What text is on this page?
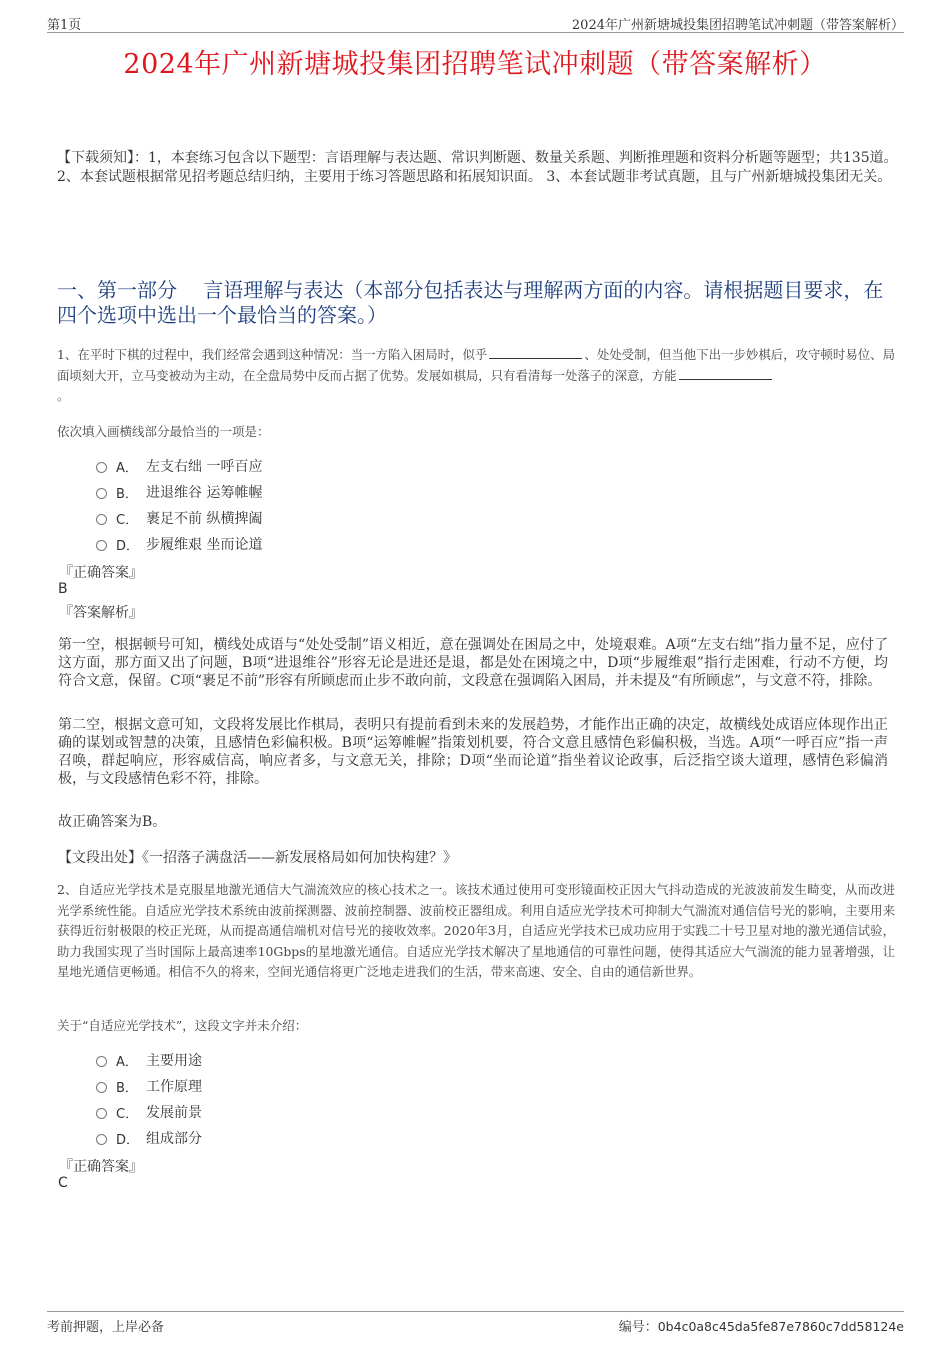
第1页	2024年广州新塘城投集团招聘笔试冲刺题（带答案解析）
2024年广州新塘城投集团招聘笔试冲刺题（带答案解析）

【下载须知】：1，本套练习包含以下题型：言语理解与表达题、常识判断题、数量关系题、判断推理题和资料分析题等题型；共135道。 2、本套试题根据常见招考题总结归纳，主要用于练习答题思路和拓展知识面。 3、本套试题非考试真题，且与广州新塘城投集团无关。

一、第一部分　 言语理解与表达（本部分包括表达与理解两方面的内容。请根据题目要求，在四个选项中选出一个最恰当的答案。）

1、在平时下棋的过程中，我们经常会遇到这种情况：当一方陷入困局时，似乎	、处处受制，但当他下出一步妙棋后，攻守顿时易位、局面顷刻大开，立马变被动为主动，在全盘局势中反而占据了优势。发展如棋局，只有看清每一处落子的深意，方能
。

依次填入画横线部分最恰当的一项是：

A． 左支右绌 一呼百应
B． 进退维谷 运筹帷幄
C． 裹足不前 纵横捭阖
D． 步履维艰 坐而论道

『正确答案』

B

『答案解析』

第一空，根据顿号可知，横线处成语与“处处受制”语义相近，意在强调处在困局之中，处境艰难。A项“左支右绌”指力量不足，应付了这方面，那方面又出了问题，B项“进退维谷”形容无论是进还是退，都是处在困境之中，D项“步履维艰”指行走困难，行动不方便，均符合文意，保留。C项“裹足不前”形容有所顾虑而止步不敢向前，文段意在强调陷入困局，并未提及“有所顾虑”，与文意不符，排除。

第二空，根据文意可知，文段将发展比作棋局，表明只有提前看到未来的发展趋势，才能作出正确的决定，故横线处成语应体现作出正确的谋划或智慧的决策，且感情色彩偏积极。B项“运筹帷幄”指策划机要，符合文意且感情色彩偏积极，当选。A项“一呼百应”指一声召唤，群起响应，形容威信高，响应者多，与文意无关，排除；D项“坐而论道”指坐着议论政事，后泛指空谈大道理，感情色彩偏消极，与文段感情色彩不符，排除。

故正确答案为B。

【文段出处】《一招落子满盘活——新发展格局如何加快构建？》

2、自适应光学技术是克服星地激光通信大气湍流效应的核心技术之一。该技术通过使用可变形镜面校正因大气抖动造成的光波波前发生畸变，从而改进光学系统性能。自适应光学技术系统由波前探测器、波前控制器、波前校正器组成。利用自适应光学技术可抑制大气湍流对通信信号光的影响，主要用来获得近衍射极限的校正光斑，从而提高通信端机对信号光的接收效率。2020年3月，自适应光学技术已成功应用于实践二十号卫星对地的激光通信试验，助力我国实现了当时国际上最高速率10Gbps的星地激光通信。自适应光学技术解决了星地通信的可靠性问题，使得其适应大气湍流的能力显著增强，让星地光通信更畅通。相信不久的将来，空间光通信将更广泛地走进我们的生活，带来高速、安全、自由的通信新世界。

关于“自适应光学技术”，这段文字并未介绍：

A． 主要用途
B． 工作原理
C． 发展前景
D． 组成部分

『正确答案』

C

考前押题，上岸必备	编号：0b4c0a8c45da5fe87e7860c7dd58124e
